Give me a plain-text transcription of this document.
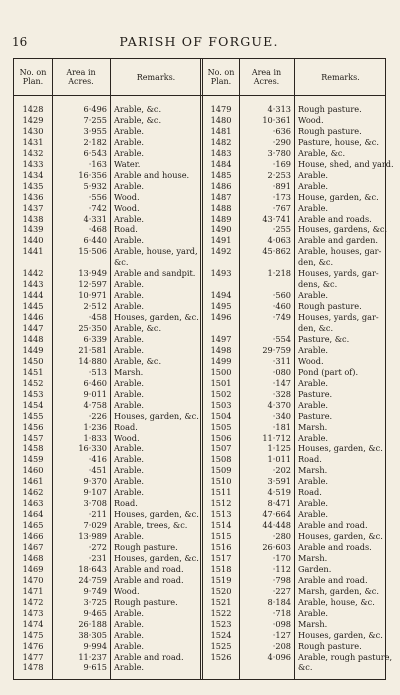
16	PARISH OF FORGUE.
No. on
Plan.
Area in
Acres.	Remarks.	No. on
Plan.
Area in
Acres.	Remarks.
1428	6·496 Arable, &c.
1429	7·255 Arable, &c.
1430	3·955 Arable.
1431	2·182 Arable.
1432	6·543 Arable.
1433	·163 Water.
1434	16·356 Arable and house.
1435	5·932 Arable.
1436	·556 Wood.
1437	·742 Wood.
1438	4·331 Arable.
1439	·468 Road.
1440	6·440 Arable.
1441	15·506 Arable, house, yard,
&c.
1442	13·949 Arable and sandpit.
1443	12·597 Arable.
1444	10·971 Arable.
1445	2·512 Arable.
1446	·458 Houses, garden, &c.
1447	25·350 Arable, &c.
1448	6·339 Arable.
1449	21·581 Arable.
1450	14·880 Arable, &c.
1451	·513 Marsh.
1452	6·460 Arable.
1453	9·011 Arable.
1454	4·758 Arable.
1455	·226 Houses, garden, &c.
1456	1·236 Road.
1457	1·833 Wood.
1458	16·330 Arable.
1459	·416 Arable.
1460	·451 Arable.
1461	9·370 Arable.
1462	9·107 Arable.
1463	3·708 Road.
1464	·211 Houses, garden, &c.
1465	7·029 Arable, trees, &c.
1466	13·989 Arable.
1467	·272 Rough pasture.
1468	·231 Houses, garden, &c.
1469	18·643 Arable and road.
1470	24·759 Arable and road.
1471	9·749 Wood.
1472	3·725 Rough pasture.
1473	9·465 Arable.
1474	26·188 Arable.
1475	38·305 Arable.
1476	9·994 Arable.
1477	11·237 Arable and road.
1478	9·615 Arable.
1479	4·313 Rough pasture.
1480	10·361 Wood.
1481	·636 Rough pasture.
1482	·290 Pasture, house, &c.
1483	3·780 Arable, &c.
1484	·169 House, shed, and yard.
1485	2·253 Arable.
1486	·891 Arable.
1487	·173 House, garden, &c.
1488	·767 Arable.
1489	43·741 Arable and roads.
1490	·255 Houses, gardens, &c.
1491	4·063 Arable and garden.
1492	45·862 Arable, houses, gar-
den, &c.
1493	1·218 Houses, yards, gar-
dens, &c.
1494	·560 Arable.
1495	·460 Rough pasture.
1496	·749 Houses, yards, gar-
den, &c.
1497	·554 Pasture, &c.
1498	29·759 Arable.
1499	·311 Wood.
1500	·080 Pond (part of).
1501	·147 Arable.
1502	·328 Pasture.
1503	4·370 Arable.
1504	·340 Pasture.
1505	·181 Marsh.
1506	11·712 Arable.
1507	1·125 Houses, garden, &c.
1508	1·011 Road.
1509	·202 Marsh.
1510	3·591 Arable.
1511	4·519 Road.
1512	8·471 Arable.
1513	47·664 Arable.
1514	44·448 Arable and road.
1515	·280 Houses, garden, &c.
1516	26·603 Arable and roads.
1517	·170 Marsh.
1518	·112 Garden.
1519	·798 Arable and road.
1520	·227 Marsh, garden, &c.
1521	8·184 Arable, house, &c.
1522	·718 Arable.
1523	·098 Marsh.
1524	·127 Houses, garden, &c.
1525	·208 Rough pasture.
1526	4·096 Arable, rough pasture,
&c.
